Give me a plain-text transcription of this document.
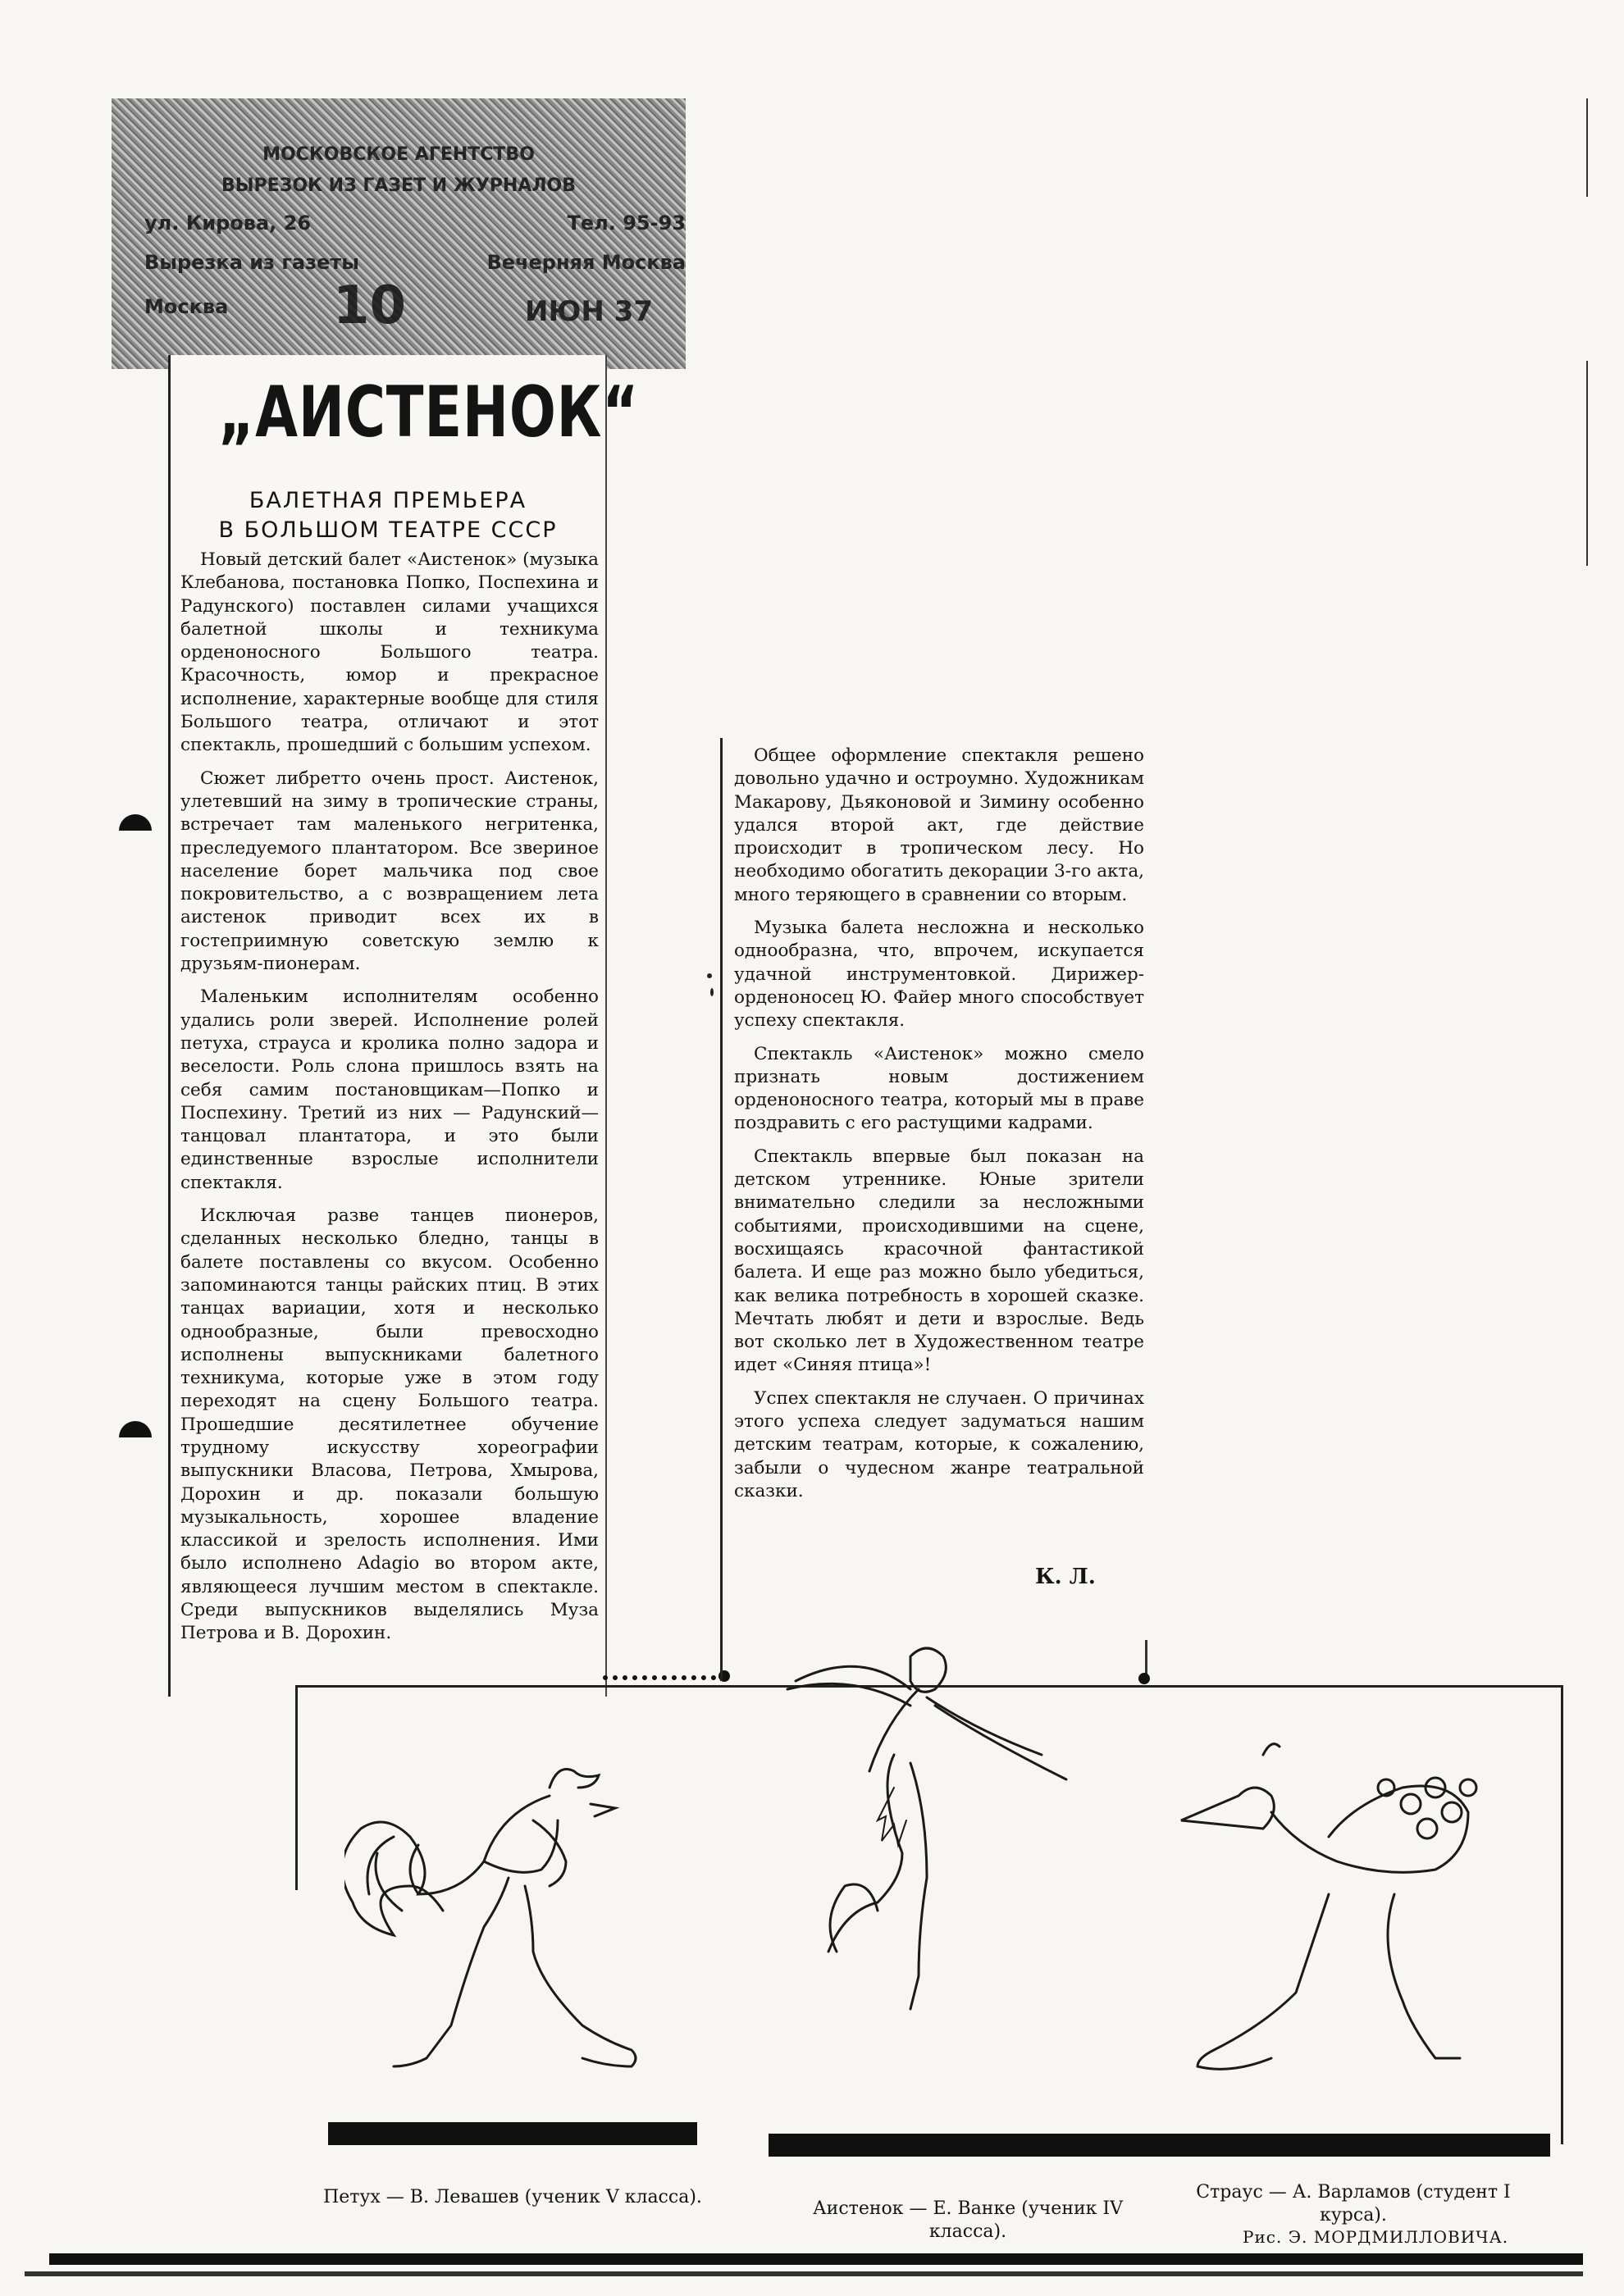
МОСКОВСКОЕ АГЕНТСТВО
ВЫРЕЗОК ИЗ ГАЗЕТ И ЖУРНАЛОВ
ул. Кирова, 26	Тел. 95-93
Вырезка из газеты	Вечерняя Москва
Москва 10	ИЮН 37
„АИСТЕНОК“
БАЛЕТНАЯ ПРЕМЬЕРА
В БОЛЬШОМ ТЕАТРЕ СССР

Новый детский балет «Аистенок» (музыка Клебанова, постановка Попко, Поспехина и Радунского) поставлен силами учащихся балетной школы и техникума орденоносного Большого театра. Красочность, юмор и прекрасное исполнение, характерные вообще для стиля Большого театра, отличают и этот спектакль, прошедший с большим успехом.

Сюжет либретто очень прост. Аистенок, улетевший на зиму в тропические страны, встречает там маленького негритенка, преследуемого плантатором. Все звериное население борет мальчика под свое покровительство, а с возвращением лета аистенок приводит всех их в гостеприимную советскую землю к друзьям-пионерам.

Маленьким исполнителям особенно удались роли зверей. Исполнение ролей петуха, страуса и кролика полно задора и веселости. Роль слона пришлось взять на себя самим постановщикам—Попко и Поспехину. Третий из них — Радунский—танцовал плантатора, и это были единственные взрослые исполнители спектакля.

Исключая разве танцев пионеров, сделанных несколько бледно, танцы в балете поставлены со вкусом. Особенно запоминаются танцы райских птиц. В этих танцах вариации, хотя и несколько однообразные, были превосходно исполнены выпускниками балетного техникума, которые уже в этом году переходят на сцену Большого театра. Прошедшие десятилетнее обучение трудному искусству хореографии выпускники Власова, Петрова, Хмырова, Дорохин и др. показали большую музыкальность, хорошее владение классикой и зрелость исполнения. Ими было исполнено Adagio во втором акте, являющееся лучшим местом в спектакле. Среди выпускников выделялись Муза Петрова и В. Дорохин.

Общее оформление спектакля решено довольно удачно и остроумно. Художникам Макарову, Дьяконовой и Зимину особенно удался второй акт, где действие происходит в тропическом лесу. Но необходимо обогатить декорации 3-го акта, много теряющего в сравнении со вторым.

Музыка балета несложна и несколько однообразна, что, впрочем, искупается удачной инструментовкой. Дирижер-орденоносец Ю. Файер много способствует успеху спектакля.

Спектакль «Аистенок» можно смело признать новым достижением орденоносного театра, который мы в праве поздравить с его растущими кадрами.

Спектакль впервые был показан на детском утреннике. Юные зрители внимательно следили за несложными событиями, происходившими на сцене, восхищаясь красочной фантастикой балета. И еще раз можно было убедиться, как велика потребность в хорошей сказке. Мечтать любят и дети и взрослые. Ведь вот сколько лет в Художественном театре идет «Синяя птица»!

Успех спектакля не случаен. О причинах этого успеха следует задуматься нашим детским театрам, которые, к сожалению, забыли о чудесном жанре театральной сказки.

К. Л.
Петух — В. Левашев (ученик V класса).
Аистенок — Е. Ванке (ученик IV класса).
Страус — А. Варламов (студент I курса).
Рис. Э. МОРДМИЛЛОВИЧА.
